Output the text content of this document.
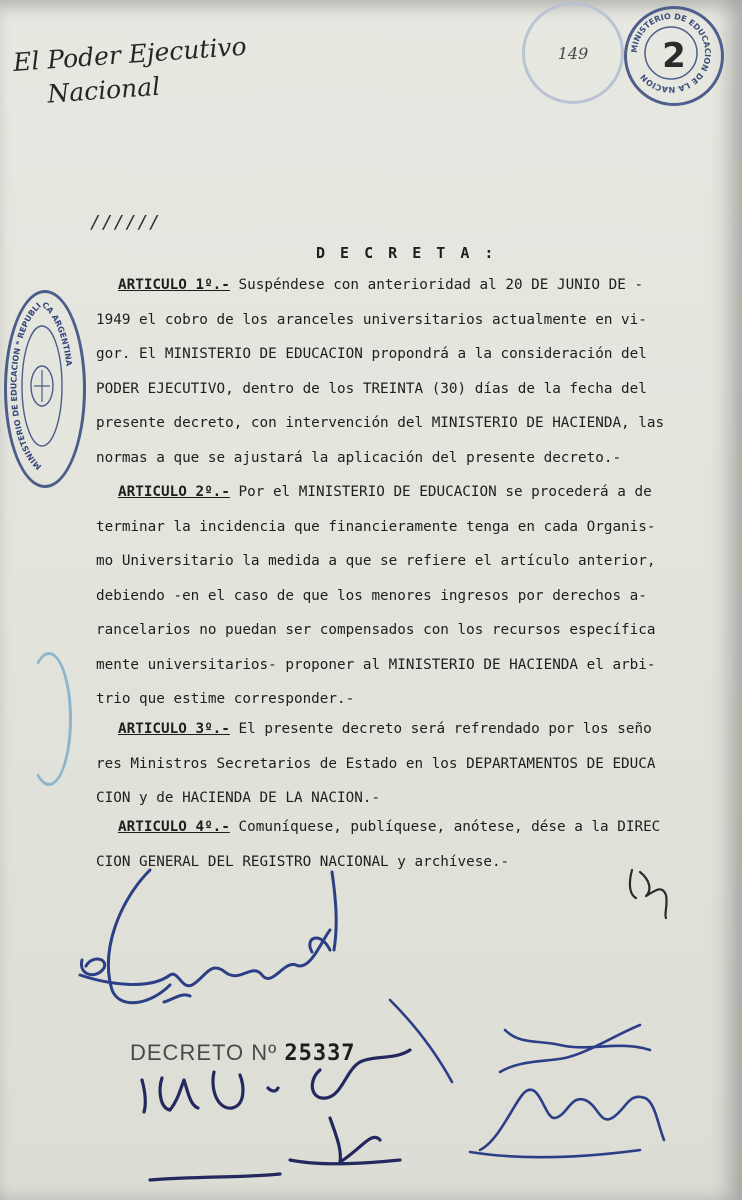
El Poder Ejecutivo
Nacional
149	MINISTERIO DE EDUCACION DE LA NACION
2
MINISTERIO DE EDUCACION * REPUBLICA ARGENTINA
//////
D E C R E T A :
ARTICULO 1º.- Suspéndese con anterioridad al 20 DE JUNIO DE -
1949 el cobro de los aranceles universitarios actualmente en vi-
gor. El MINISTERIO DE EDUCACION propondrá a la consideración del
PODER EJECUTIVO, dentro de los TREINTA (30) días de la fecha del
presente decreto, con intervención del MINISTERIO DE HACIENDA, las
normas a que se ajustará la aplicación del presente decreto.-
ARTICULO 2º.- Por el MINISTERIO DE EDUCACION se procederá a de
terminar la incidencia que financieramente tenga en cada Organis-
mo Universitario la medida a que se refiere el artículo anterior,
debiendo -en el caso de que los menores ingresos por derechos a-
rancelarios no puedan ser compensados con los recursos específica
mente universitarios- proponer al MINISTERIO DE HACIENDA el arbi-
trio que estime corresponder.-
ARTICULO 3º.- El presente decreto será refrendado por los seño
res Ministros Secretarios de Estado en los DEPARTAMENTOS DE EDUCA
CION y de HACIENDA DE LA NACION.-
ARTICULO 4º.- Comuníquese, publíquese, anótese, dése a la DIREC
CION GENERAL DEL REGISTRO NACIONAL y archívese.-
DECRETO Nº 25337
